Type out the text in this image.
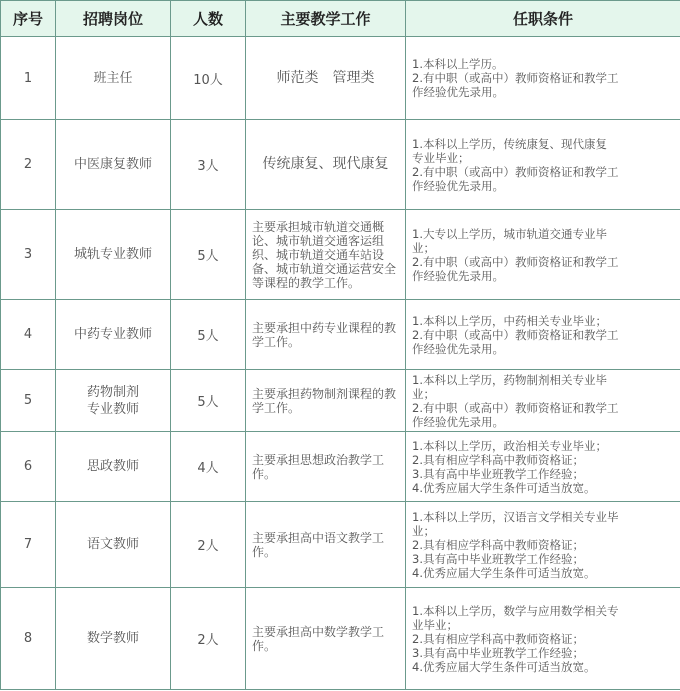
序号	招聘岗位	人数	主要教学工作	任职条件
1	班主任	10人	师范类　管理类	1.本科以上学历。
2.有中职（或高中）教师资格证和教学工
作经验优先录用。

2	中医康复教师	3人	传统康复、现代康复	1.本科以上学历，传统康复、现代康复
专业毕业；
2.有中职（或高中）教师资格证和教学工
作经验优先录用。

3	城轨专业教师	5人	主要承担城市轨道交通概论、城市轨道交通客运组织、城市轨道交通车站设备、城市轨道交通运营安全等课程的教学工作。	1.大专以上学历，城市轨道交通专业毕
业；
2.有中职（或高中）教师资格证和教学工
作经验优先录用。

4	中药专业教师	5人	主要承担中药专业课程的教学工作。	1.本科以上学历，中药相关专业毕业；
2.有中职（或高中）教师资格证和教学工
作经验优先录用。

5	药物制剂
专业教师	5人	主要承担药物制剂课程的教学工作。	1.本科以上学历，药物制剂相关专业毕
业；
2.有中职（或高中）教师资格证和教学工
作经验优先录用。

6	思政教师	4人	主要承担思想政治教学工作。	1.本科以上学历，政治相关专业毕业；
2.具有相应学科高中教师资格证；
3.具有高中毕业班教学工作经验；
4.优秀应届大学生条件可适当放宽。

7	语文教师	2人	主要承担高中语文教学工作。	1.本科以上学历，汉语言文学相关专业毕
业；
2.具有相应学科高中教师资格证；
3.具有高中毕业班教学工作经验；
4.优秀应届大学生条件可适当放宽。

8	数学教师	2人	主要承担高中数学教学工作。	1.本科以上学历，数学与应用数学相关专
业毕业；
2.具有相应学科高中教师资格证；
3.具有高中毕业班教学工作经验；
4.优秀应届大学生条件可适当放宽。
